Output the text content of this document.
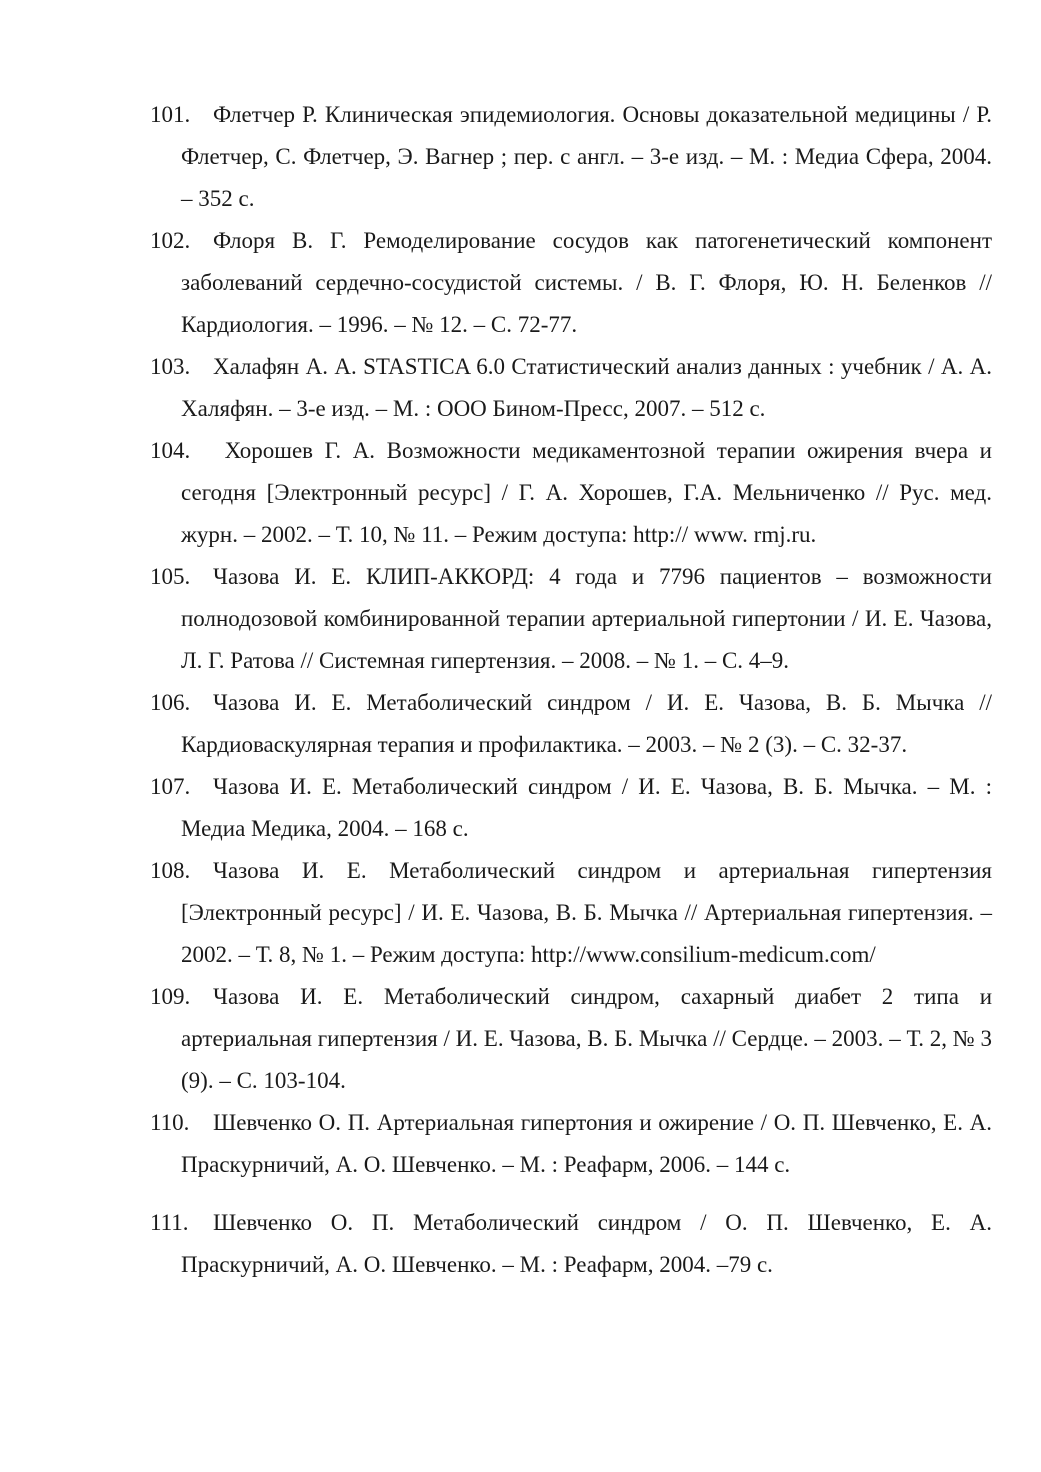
101. Флетчер Р. Клиническая эпидемиология. Основы доказательной медицины / Р. Флетчер, С. Флетчер, Э. Вагнер ; пер. с англ. – 3-е изд. – М. : Медиа Сфера, 2004. – 352 с.
102. Флоря В. Г. Ремоделирование сосудов как патогенетический компонент заболеваний сердечно-сосудистой системы. / В. Г. Флоря, Ю. Н. Беленков // Кардиология. – 1996. – № 12. – С. 72-77.
103. Халафян А. А. STASTICA 6.0 Статистический анализ данных : учебник / А. А. Халяфян. – 3-е изд. – М. : ООО Бином-Пресс, 2007. – 512 с.
104. Хорошев Г. А. Возможности медикаментозной терапии ожирения вчера и сегодня [Электронный ресурс] / Г. А. Хорошев, Г.А. Мельниченко // Рус. мед. журн. – 2002. – Т. 10, № 11. – Режим доступа: http:// www. rmj.ru.
105. Чазова И. Е. КЛИП-АККОРД: 4 года и 7796 пациентов – возможности полнодозовой комбинированной терапии артериальной гипертонии / И. Е. Чазова, Л. Г. Ратова // Системная гипертензия. – 2008. – № 1. – С. 4–9.
106. Чазова И. Е. Метаболический синдром / И. Е. Чазова, В. Б. Мычка // Кардиоваскулярная терапия и профилактика. – 2003. – № 2 (3). – С. 32-37.
107. Чазова И. Е. Метаболический синдром / И. Е. Чазова, В. Б. Мычка. – М. : Медиа Медика, 2004. – 168 с.
108. Чазова И. Е. Метаболический синдром и артериальная гипертензия [Электронный ресурс] / И. Е. Чазова, В. Б. Мычка // Артериальная гипертензия. – 2002. – Т. 8, № 1. – Режим доступа: http://www.consilium-medicum.com/
109. Чазова И. Е. Метаболический синдром, сахарный диабет 2 типа и артериальная гипертензия / И. Е. Чазова, В. Б. Мычка // Сердце. – 2003. – Т. 2, № 3 (9). – С. 103-104.
110. Шевченко О. П. Артериальная гипертония и ожирение / О. П. Шевченко, Е. А. Праскурничий, А. О. Шевченко. – М. : Реафарм, 2006. – 144 с.
111. Шевченко О. П. Метаболический синдром / О. П. Шевченко, Е. А. Праскурничий, А. О. Шевченко. – М. : Реафарм, 2004. –79 с.
